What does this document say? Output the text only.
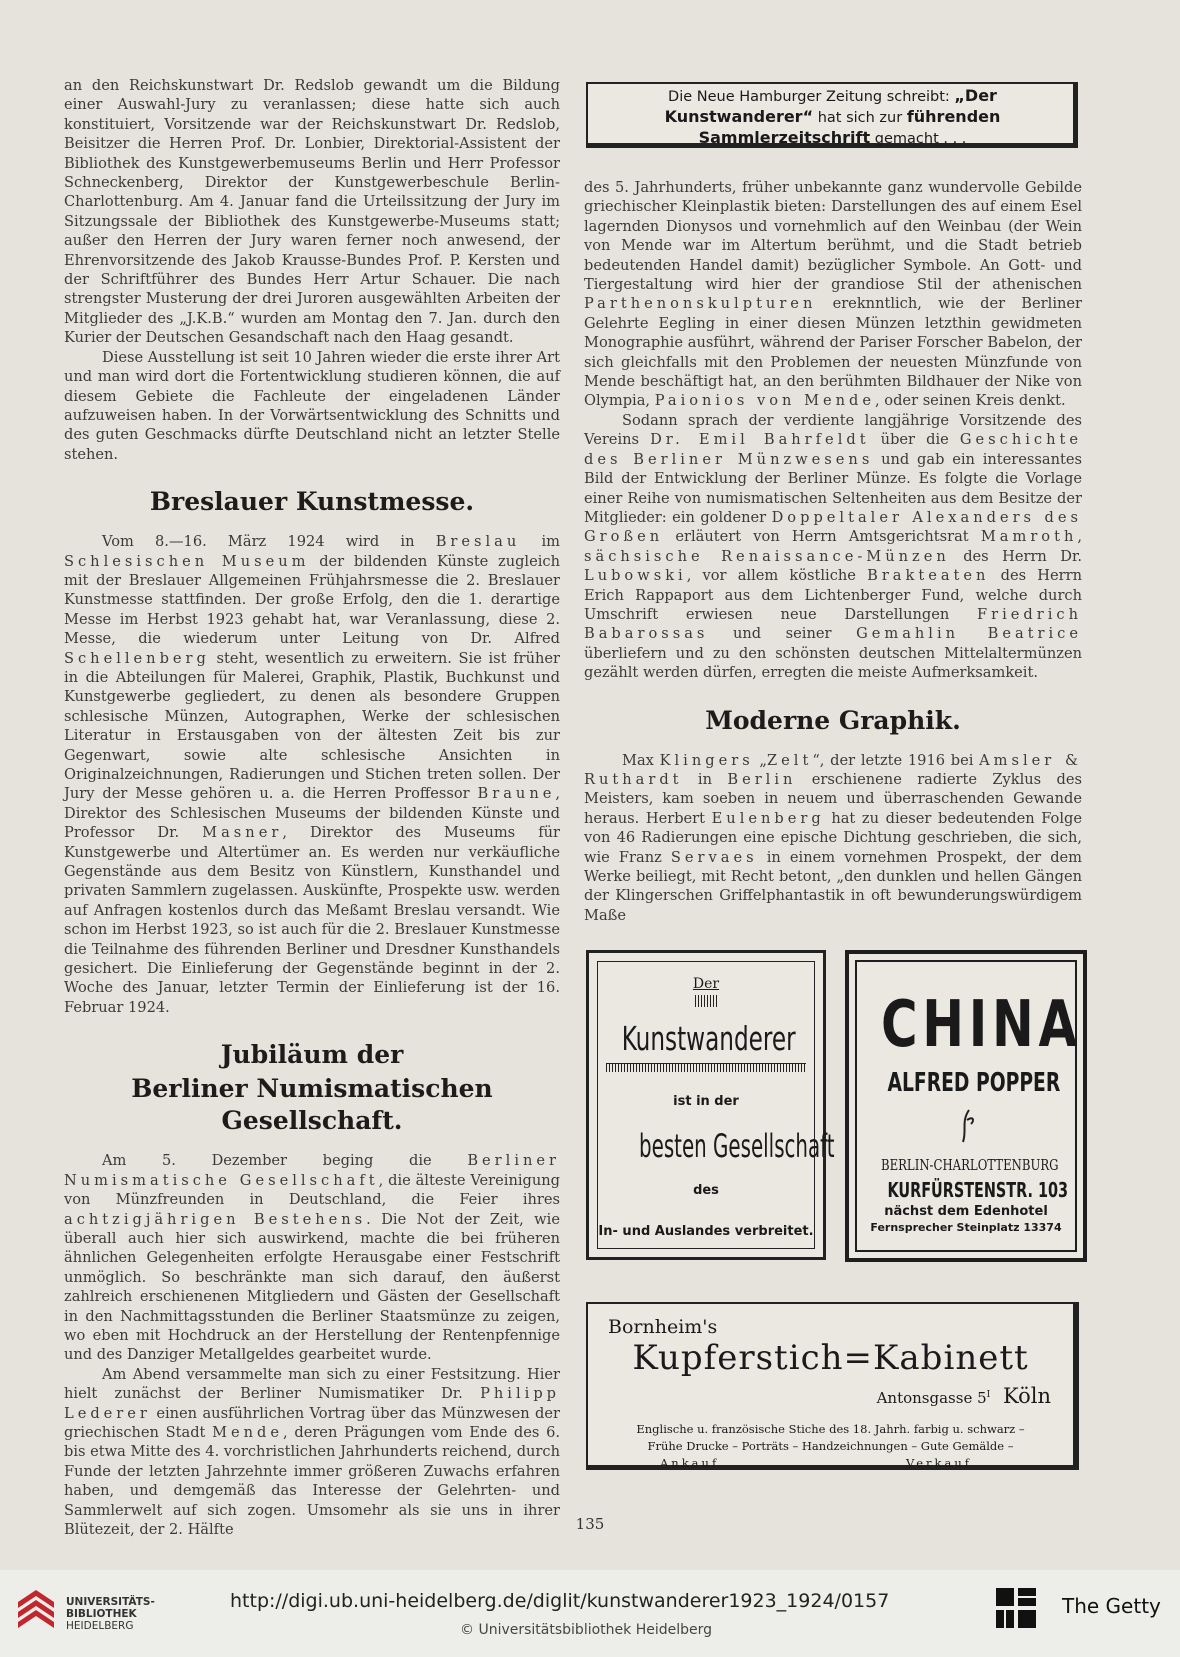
an den Reichskunstwart Dr. Redslob gewandt um die Bildung einer Auswahl-Jury zu veranlassen; diese hatte sich auch konstituiert, Vorsitzende war der Reichskunstwart Dr. Redslob, Beisitzer die Herren Prof. Dr. Lonbier, Direktorial-Assistent der Bibliothek des Kunstgewerbemuseums Berlin und Herr Professor Schneckenberg, Direktor der Kunstgewerbeschule Berlin- Charlottenburg. Am 4. Januar fand die Urteilssitzung der Jury im Sitzungssale der Bibliothek des Kunstgewerbe-Museums statt; außer den Herren der Jury waren ferner noch anwesend, der Ehrenvorsitzende des Jakob Krausse-Bundes Prof. P. Kersten und der Schriftführer des Bundes Herr Artur Schauer. Die nach strengster Musterung der drei Juroren ausgewählten Arbeiten der Mitglieder des „J.K.B.“ wurden am Montag den 7. Jan. durch den Kurier der Deutschen Gesandschaft nach den Haag gesandt.

Diese Ausstellung ist seit 10 Jahren wieder die erste ihrer Art und man wird dort die Fortentwicklung studieren können, die auf diesem Gebiete die Fachleute der eingeladenen Länder aufzuweisen haben. In der Vorwärtsentwicklung des Schnitts und des guten Geschmacks dürfte Deutschland nicht an letzter Stelle stehen.

Breslauer Kunstmesse.

Vom 8.—16. März 1924 wird in Breslau im Schlesischen Museum der bildenden Künste zugleich mit der Breslauer Allgemeinen Frühjahrsmesse die 2. Breslauer Kunstmesse stattfinden. Der große Erfolg, den die 1. derartige Messe im Herbst 1923 gehabt hat, war Veranlassung, diese 2. Messe, die wiederum unter Leitung von Dr. Alfred Schellenberg steht, wesentlich zu erweitern. Sie ist früher in die Abteilungen für Malerei, Graphik, Plastik, Buchkunst und Kunstgewerbe gegliedert, zu denen als besondere Gruppen schlesische Münzen, Autographen, Werke der schlesischen Literatur in Erstausgaben von der ältesten Zeit bis zur Gegenwart, sowie alte schlesische Ansichten in Originalzeichnungen, Radierungen und Stichen treten sollen. Der Jury der Messe gehören u. a. die Herren Proffessor Braune, Direktor des Schlesischen Museums der bildenden Künste und Professor Dr. Masner, Direktor des Museums für Kunstgewerbe und Altertümer an. Es werden nur verkäufliche Gegenstände aus dem Besitz von Künstlern, Kunsthandel und privaten Sammlern zugelassen. Auskünfte, Prospekte usw. werden auf Anfragen kostenlos durch das Meßamt Breslau versandt. Wie schon im Herbst 1923, so ist auch für die 2. Breslauer Kunstmesse die Teilnahme des führenden Berliner und Dresdner Kunsthandels gesichert. Die Einlieferung der Gegenstände beginnt in der 2. Woche des Januar, letzter Termin der Einlieferung ist der 16. Februar 1924.

Jubiläum der
Berliner Numismatischen Gesellschaft.

Am 5. Dezember beging die Berliner Numismatische Gesellschaft, die älteste Vereinigung von Münzfreunden in Deutschland, die Feier ihres achtzigjährigen Bestehens. Die Not der Zeit, wie überall auch hier sich auswirkend, machte die bei früheren ähnlichen Gelegenheiten erfolgte Herausgabe einer Festschrift unmöglich. So beschränkte man sich darauf, den äußerst zahlreich erschienenen Mitgliedern und Gästen der Gesellschaft in den Nachmittagsstunden die Berliner Staatsmünze zu zeigen, wo eben mit Hochdruck an der Herstellung der Rentenpfennige und des Danziger Metallgeldes gearbeitet wurde.

Am Abend versammelte man sich zu einer Festsitzung. Hier hielt zunächst der Berliner Numismatiker Dr. Philipp Lederer einen ausführlichen Vortrag über das Münzwesen der griechischen Stadt Mende, deren Prägungen vom Ende des 6. bis etwa Mitte des 4. vorchristlichen Jahrhunderts reichend, durch Funde der letzten Jahrzehnte immer größeren Zuwachs erfahren haben, und demgemäß das Interesse der Gelehrten- und Sammlerwelt auf sich zogen. Umsomehr als sie uns in ihrer Blütezeit, der 2. Hälfte

Die Neue Hamburger Zeitung schreibt: „Der Kunstwanderer“ hat sich zur führenden Sammlerzeitschrift gemacht . . .

des 5. Jahrhunderts, früher unbekannte ganz wundervolle Gebilde griechischer Kleinplastik bieten: Darstellungen des auf einem Esel lagernden Dionysos und vornehmlich auf den Weinbau (der Wein von Mende war im Altertum berühmt, und die Stadt betrieb bedeutenden Handel damit) bezüglicher Symbole. An Gott- und Tiergestaltung wird hier der grandiose Stil der athenischen Parthenonskulpturen ereknntlich, wie der Berliner Gelehrte Eegling in einer diesen Münzen letzthin gewidmeten Monographie ausführt, während der Pariser Forscher Babelon, der sich gleichfalls mit den Problemen der neuesten Münzfunde von Mende beschäftigt hat, an den berühmten Bildhauer der Nike von Olympia, Paionios von Mende, oder seinen Kreis denkt.

Sodann sprach der verdiente langjährige Vorsitzende des Vereins Dr. Emil Bahrfeldt über die Geschichte des Berliner Münzwesens und gab ein interessantes Bild der Entwicklung der Berliner Münze. Es folgte die Vorlage einer Reihe von numismatischen Seltenheiten aus dem Besitze der Mitglieder: ein goldener Doppeltaler Alexanders des Großen erläutert von Herrn Amtsgerichtsrat Mamroth, sächsische Renaissance-Münzen des Herrn Dr. Lubowski, vor allem köstliche Brakteaten des Herrn Erich Rappaport aus dem Lichtenberger Fund, welche durch Umschrift erwiesen neue Darstellungen Friedrich Babarossas und seiner Gemahlin Beatrice überliefern und zu den schönsten deutschen Mittelaltermünzen gezählt werden dürfen, erregten die meiste Aufmerksamkeit.

Moderne Graphik.

Max Klingers „Zelt“, der letzte 1916 bei Amsler & Ruthardt in Berlin erschienene radierte Zyklus des Meisters, kam soeben in neuem und überraschenden Gewande heraus. Herbert Eulenberg hat zu dieser bedeutenden Folge von 46 Radierungen eine epische Dichtung geschrieben, die sich, wie Franz Servaes in einem vornehmen Prospekt, der dem Werke beiliegt, mit Recht betont, „den dunklen und hellen Gängen der Klingerschen Griffelphantastik in oft bewunderungswürdigem Maße

Der
Kunstwanderer
ist in der
besten Gesellschaft
des
In- und Auslandes verbreitet.
CHINA
ALFRED POPPER
BERLIN-CHARLOTTENBURG
KURFÜRSTENSTR. 103
nächst dem Edenhotel
Fernsprecher Steinplatz 13374
Bornheim's
Kupferstich=Kabinett
Antonsgasse $5^I$ Köln
Englische u. französische Stiche des 18. Jahrh. farbig u. schwarz –
Frühe Drucke – Porträts – Handzeichnungen – Gute Gemälde –
Ankauf	Verkauf
135
UNIVERSITÄTS-
BIBLIOTHEK
HEIDELBERG
http://digi.ub.uni-heidelberg.de/diglit/kunstwanderer1923_1924/0157
© Universitätsbibliothek Heidelberg
The Getty
